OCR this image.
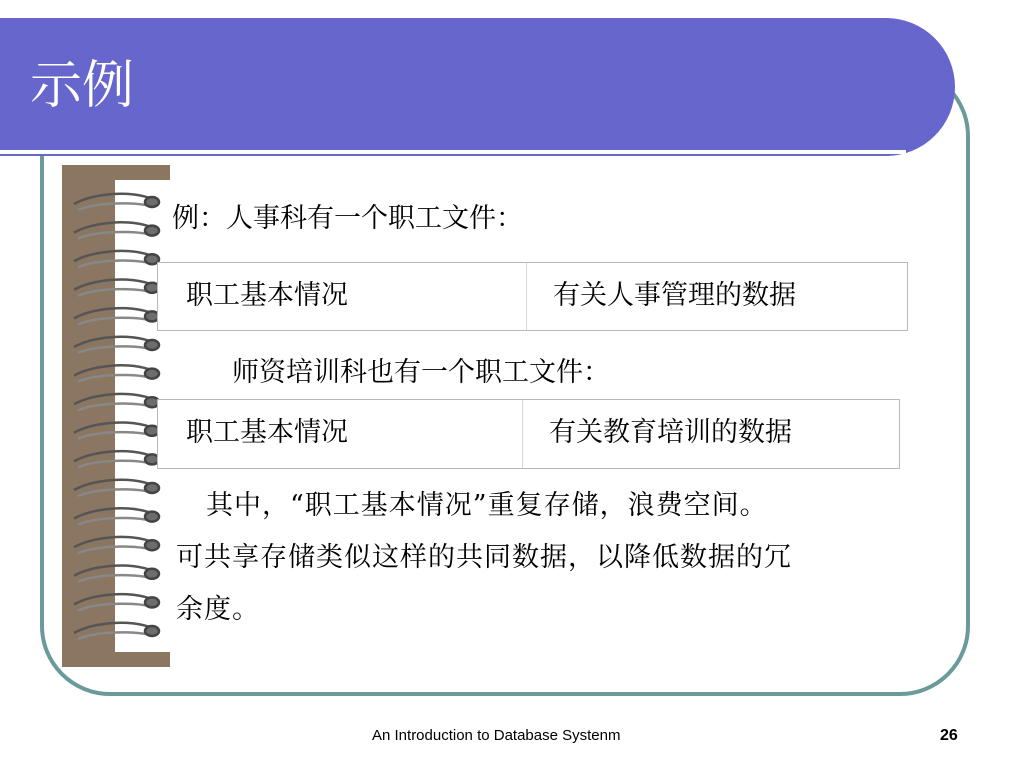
示例
例：人事科有一个职工文件：
职工基本情况	有关人事管理的数据
师资培训科也有一个职工文件：
职工基本情况	有关教育培训的数据
其中，“职工基本情况”重复存储，浪费空间。
可共享存储类似这样的共同数据，以降低数据的冗
余度。
An Introduction to Database Systenm	26
